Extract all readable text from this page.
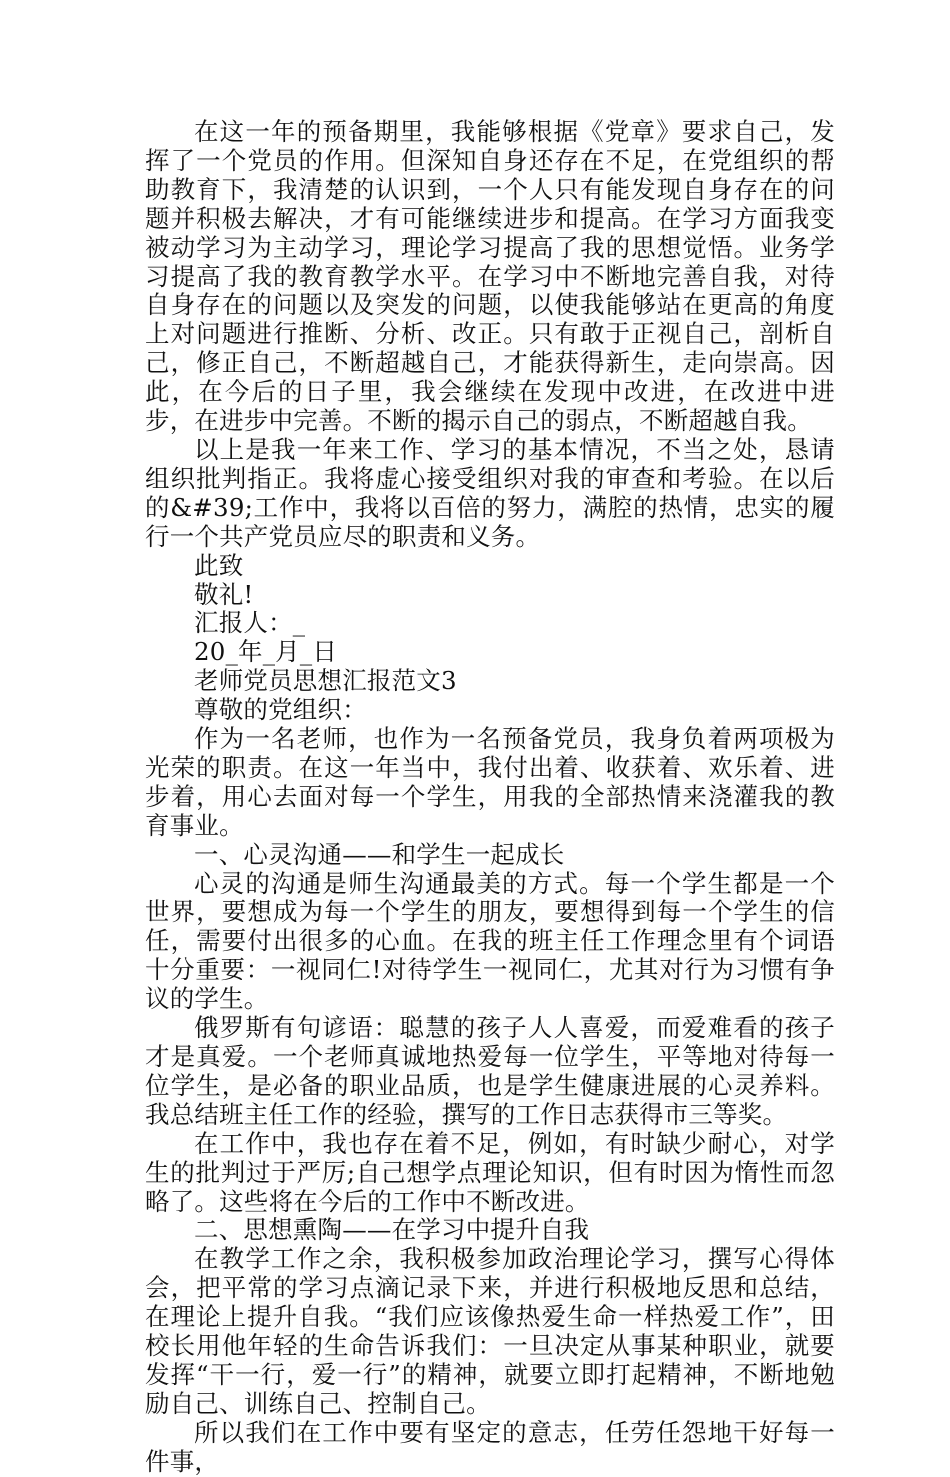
在这一年的预备期里，我能够根据《党章》要求自己，发挥了一个党员的作用。但深知自身还存在不足，在党组织的帮助教育下，我清楚的认识到，一个人只有能发现自身存在的问题并积极去解决，才有可能继续进步和提高。在学习方面我变被动学习为主动学习，理论学习提高了我的思想觉悟。业务学习提高了我的教育教学水平。在学习中不断地完善自我，对待自身存在的问题以及突发的问题，以使我能够站在更高的角度上对问题进行推断、分析、改正。只有敢于正视自己，剖析自己，修正自己，不断超越自己，才能获得新生，走向崇高。因此，在今后的日子里，我会继续在发现中改进，在改进中进步，在进步中完善。不断的揭示自己的弱点，不断超越自我。

以上是我一年来工作、学习的基本情况，不当之处，恳请组织批判指正。我将虚心接受组织对我的审查和考验。在以后的&#39;工作中，我将以百倍的努力，满腔的热情，忠实的履行一个共产党员应尽的职责和义务。

此致

敬礼!

汇报人：_

20_年_月_日

老师党员思想汇报范文3

尊敬的党组织：

作为一名老师，也作为一名预备党员，我身负着两项极为光荣的职责。在这一年当中，我付出着、收获着、欢乐着、进步着，用心去面对每一个学生，用我的全部热情来浇灌我的教育事业。

一、心灵沟通——和学生一起成长

心灵的沟通是师生沟通最美的方式。每一个学生都是一个世界，要想成为每一个学生的朋友，要想得到每一个学生的信任，需要付出很多的心血。在我的班主任工作理念里有个词语十分重要：一视同仁!对待学生一视同仁，尤其对行为习惯有争议的学生。

俄罗斯有句谚语：聪慧的孩子人人喜爱，而爱难看的孩子才是真爱。一个老师真诚地热爱每一位学生，平等地对待每一位学生，是必备的职业品质，也是学生健康进展的心灵养料。我总结班主任工作的经验，撰写的工作日志获得市三等奖。

在工作中，我也存在着不足，例如，有时缺少耐心，对学生的批判过于严厉;自己想学点理论知识，但有时因为惰性而忽略了。这些将在今后的工作中不断改进。

二、思想熏陶——在学习中提升自我

在教学工作之余，我积极参加政治理论学习，撰写心得体会，把平常的学习点滴记录下来，并进行积极地反思和总结，在理论上提升自我。“我们应该像热爱生命一样热爱工作”，田校长用他年轻的生命告诉我们：一旦决定从事某种职业，就要发挥“干一行，爱一行”的精神，就要立即打起精神，不断地勉励自己、训练自己、控制自己。

所以我们在工作中要有坚定的意志，任劳任怨地干好每一件事，
